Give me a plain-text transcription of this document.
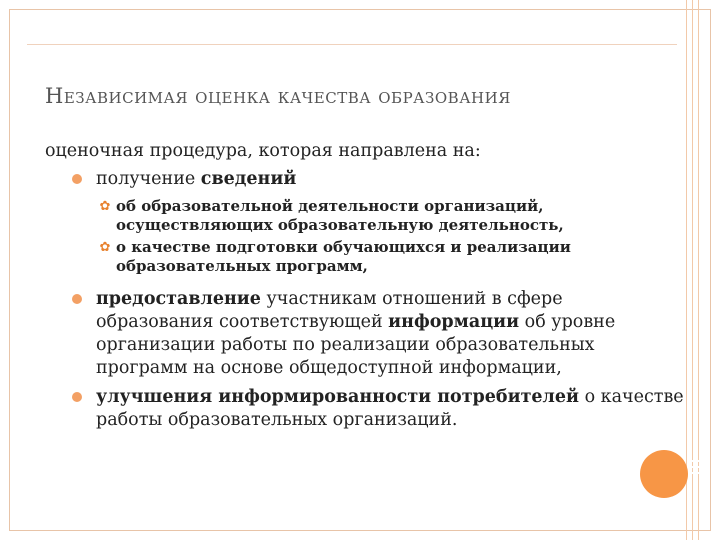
Независимая оценка качества образования

оценочная процедура, которая направлена на:

получение сведений
✿ об образовательной деятельности организаций, осуществляющих образовательную деятельность,
✿ о качестве подготовки обучающихся и реализации образовательных программ,
предоставление участникам отношений в сфере образования соответствующей информации об уровне организации работы по реализации образовательных программ на основе общедоступной информации,
улучшения информированности потребителей о качестве работы образовательных организаций.
